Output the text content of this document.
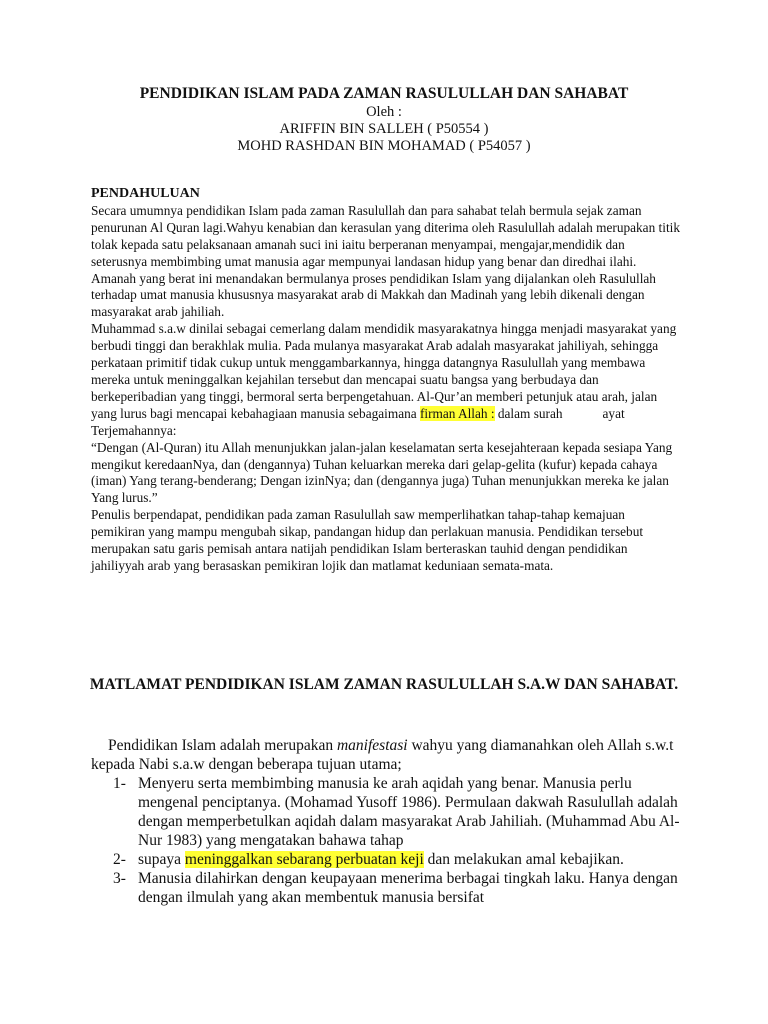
PENDIDIKAN ISLAM PADA ZAMAN RASULULLAH DAN SAHABAT
Oleh :
ARIFFIN BIN SALLEH ( P50554 )
MOHD RASHDAN BIN MOHAMAD ( P54057 )
PENDAHULUAN

Secara umumnya pendidikan Islam pada zaman Rasulullah dan para sahabat telah bermula sejak zaman penurunan Al Quran lagi.Wahyu kenabian dan kerasulan yang diterima oleh Rasulullah adalah merupakan titik tolak kepada satu pelaksanaan amanah suci ini iaitu berperanan menyampai, mengajar,mendidik dan seterusnya membimbing umat manusia agar mempunyai landasan hidup yang benar dan diredhai ilahi. Amanah yang berat ini menandakan bermulanya proses pendidikan Islam yang dijalankan oleh Rasulullah terhadap umat manusia khususnya masyarakat arab di Makkah dan Madinah yang lebih dikenali dengan masyarakat arab jahiliah.

Muhammad s.a.w dinilai sebagai cemerlang dalam mendidik masyarakatnya hingga menjadi masyarakat yang berbudi tinggi dan berakhlak mulia. Pada mulanya masyarakat Arab adalah masyarakat jahiliyah, sehingga perkataan primitif tidak cukup untuk menggambarkannya, hingga datangnya Rasulullah yang membawa mereka untuk meninggalkan kejahilan tersebut dan mencapai suatu bangsa yang berbudaya dan berkeperibadian yang tinggi, bermoral serta berpengetahuan. Al-Qur’an memberi petunjuk atau arah, jalan yang lurus bagi mencapai kebahagiaan manusia sebagaimana firman Allah : dalam surah	ayat

Terjemahannya:

“Dengan (Al-Quran) itu Allah menunjukkan jalan-jalan keselamatan serta kesejahteraan kepada sesiapa Yang mengikut keredaanNya, dan (dengannya) Tuhan keluarkan mereka dari gelap-gelita (kufur) kepada cahaya (iman) Yang terang-benderang; Dengan izinNya; dan (dengannya juga) Tuhan menunjukkan mereka ke jalan Yang lurus.”

Penulis berpendapat, pendidikan pada zaman Rasulullah saw memperlihatkan tahap-tahap kemajuan pemikiran yang mampu mengubah sikap, pandangan hidup dan perlakuan manusia. Pendidikan tersebut merupakan satu garis pemisah antara natijah pendidikan Islam berteraskan tauhid dengan pendidikan jahiliyyah arab yang berasaskan pemikiran lojik dan matlamat keduniaan semata-mata.

MATLAMAT PENDIDIKAN ISLAM ZAMAN RASULULLAH S.A.W DAN SAHABAT.

Pendidikan Islam adalah merupakan manifestasi wahyu yang diamanahkan oleh Allah s.w.t kepada Nabi s.a.w dengan beberapa tujuan utama;

1- Menyeru serta membimbing manusia ke arah aqidah yang benar. Manusia perlu mengenal penciptanya. (Mohamad Yusoff 1986). Permulaan dakwah Rasulullah adalah dengan memperbetulkan aqidah dalam masyarakat Arab Jahiliah. (Muhammad Abu Al-Nur 1983) yang mengatakan bahawa tahap
2- supaya meninggalkan sebarang perbuatan keji dan melakukan amal kebajikan.
3- Manusia dilahirkan dengan keupayaan menerima berbagai tingkah laku. Hanya dengan dengan ilmulah yang akan membentuk manusia bersifat
